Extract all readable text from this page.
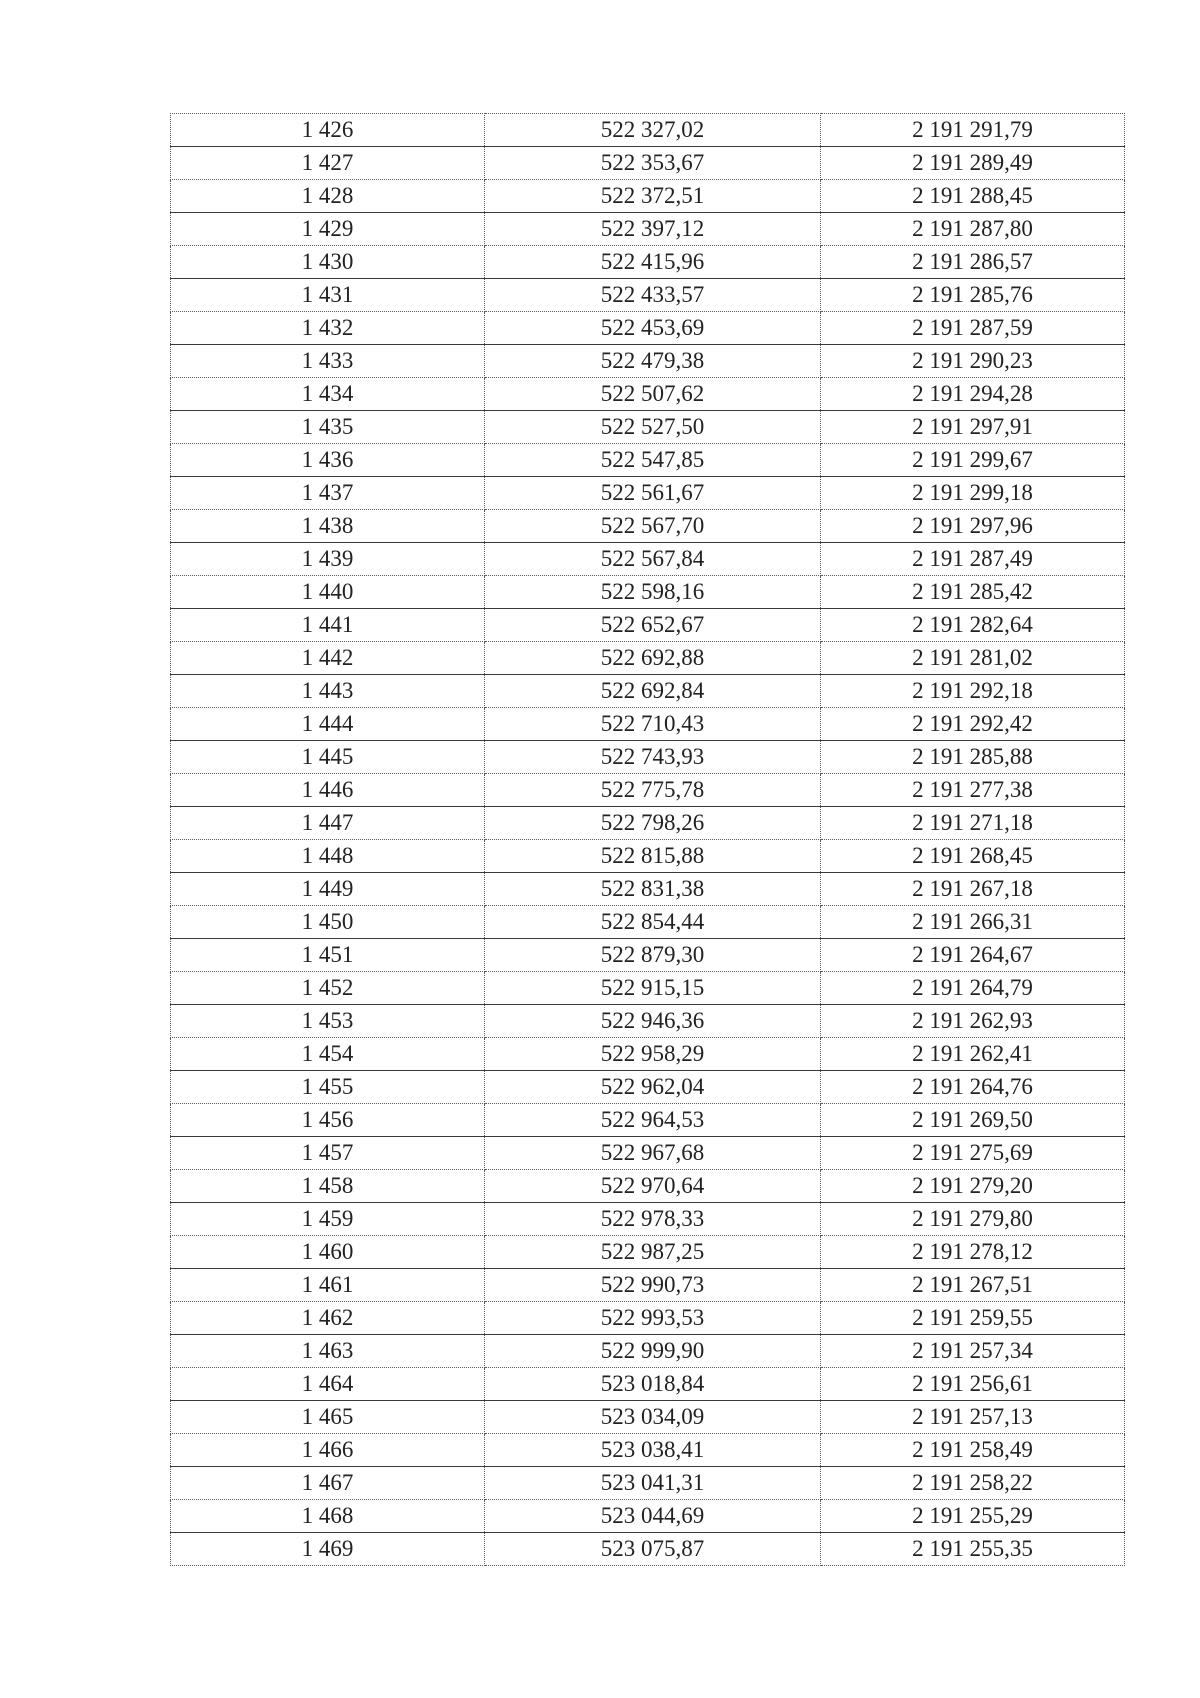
1 426	522 327,02	2 191 291,79
1 427	522 353,67	2 191 289,49
1 428	522 372,51	2 191 288,45
1 429	522 397,12	2 191 287,80
1 430	522 415,96	2 191 286,57
1 431	522 433,57	2 191 285,76
1 432	522 453,69	2 191 287,59
1 433	522 479,38	2 191 290,23
1 434	522 507,62	2 191 294,28
1 435	522 527,50	2 191 297,91
1 436	522 547,85	2 191 299,67
1 437	522 561,67	2 191 299,18
1 438	522 567,70	2 191 297,96
1 439	522 567,84	2 191 287,49
1 440	522 598,16	2 191 285,42
1 441	522 652,67	2 191 282,64
1 442	522 692,88	2 191 281,02
1 443	522 692,84	2 191 292,18
1 444	522 710,43	2 191 292,42
1 445	522 743,93	2 191 285,88
1 446	522 775,78	2 191 277,38
1 447	522 798,26	2 191 271,18
1 448	522 815,88	2 191 268,45
1 449	522 831,38	2 191 267,18
1 450	522 854,44	2 191 266,31
1 451	522 879,30	2 191 264,67
1 452	522 915,15	2 191 264,79
1 453	522 946,36	2 191 262,93
1 454	522 958,29	2 191 262,41
1 455	522 962,04	2 191 264,76
1 456	522 964,53	2 191 269,50
1 457	522 967,68	2 191 275,69
1 458	522 970,64	2 191 279,20
1 459	522 978,33	2 191 279,80
1 460	522 987,25	2 191 278,12
1 461	522 990,73	2 191 267,51
1 462	522 993,53	2 191 259,55
1 463	522 999,90	2 191 257,34
1 464	523 018,84	2 191 256,61
1 465	523 034,09	2 191 257,13
1 466	523 038,41	2 191 258,49
1 467	523 041,31	2 191 258,22
1 468	523 044,69	2 191 255,29
1 469	523 075,87	2 191 255,35
